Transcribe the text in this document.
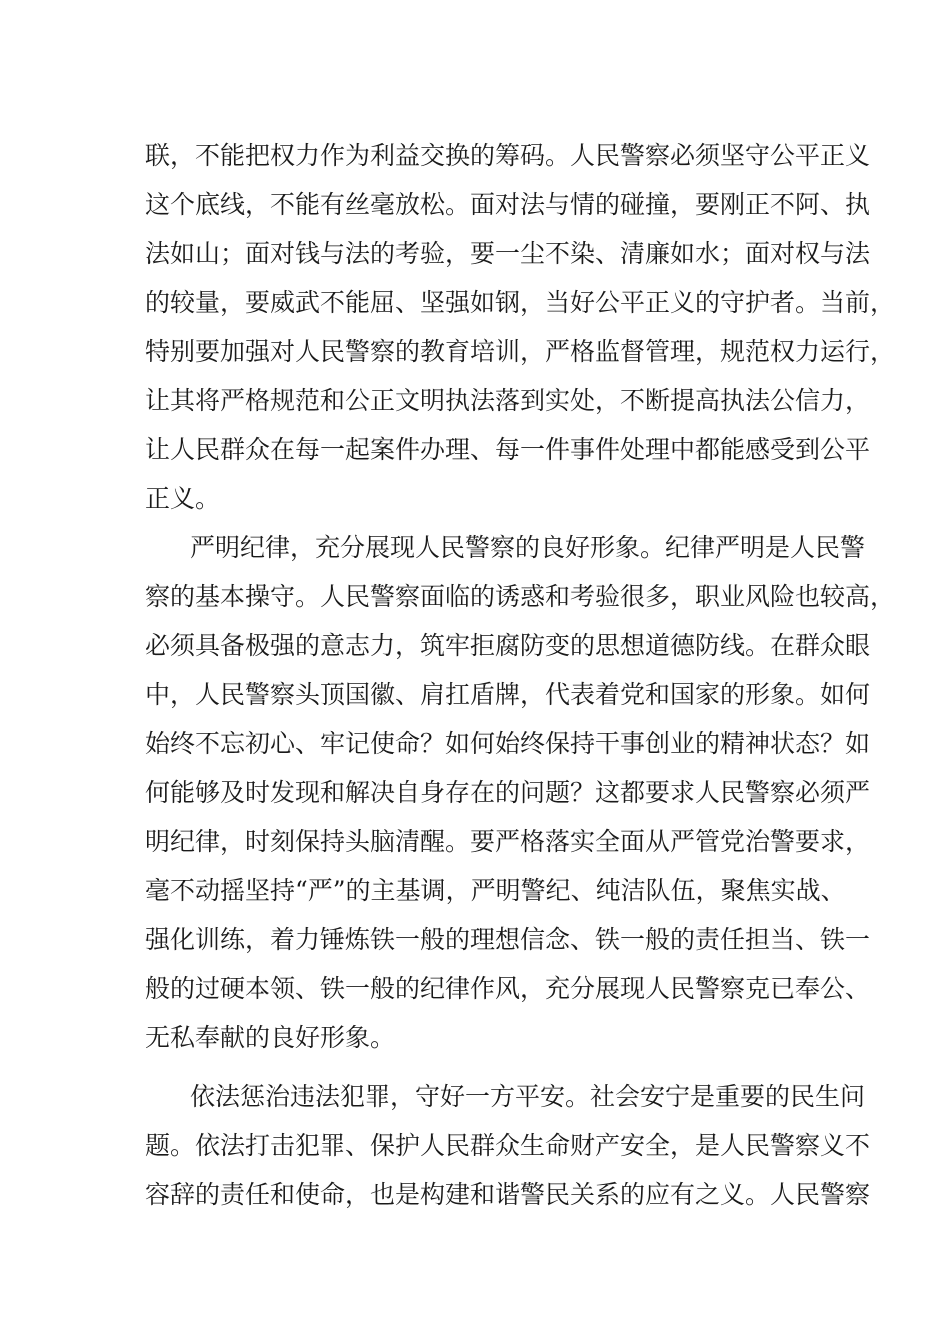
联，不能把权力作为利益交换的筹码。人民警察必须坚守公平正义
这个底线，不能有丝毫放松。面对法与情的碰撞，要刚正不阿、执
法如山；面对钱与法的考验，要一尘不染、清廉如水；面对权与法
的较量，要威武不能屈、坚强如钢，当好公平正义的守护者。当前，
特别要加强对人民警察的教育培训，严格监督管理，规范权力运行，
让其将严格规范和公正文明执法落到实处，不断提高执法公信力，
让人民群众在每一起案件办理、每一件事件处理中都能感受到公平
正义。
严明纪律，充分展现人民警察的良好形象。纪律严明是人民警
察的基本操守。人民警察面临的诱惑和考验很多，职业风险也较高，
必须具备极强的意志力，筑牢拒腐防变的思想道德防线。在群众眼
中，人民警察头顶国徽、肩扛盾牌，代表着党和国家的形象。如何
始终不忘初心、牢记使命？如何始终保持干事创业的精神状态？如
何能够及时发现和解决自身存在的问题？这都要求人民警察必须严
明纪律，时刻保持头脑清醒。要严格落实全面从严管党治警要求，
毫不动摇坚持“严”的主基调，严明警纪、纯洁队伍，聚焦实战、
强化训练，着力锤炼铁一般的理想信念、铁一般的责任担当、铁一
般的过硬本领、铁一般的纪律作风，充分展现人民警察克已奉公、
无私奉献的良好形象。
依法惩治违法犯罪，守好一方平安。社会安宁是重要的民生问
题。依法打击犯罪、保护人民群众生命财产安全，是人民警察义不
容辞的责任和使命，也是构建和谐警民关系的应有之义。人民警察
